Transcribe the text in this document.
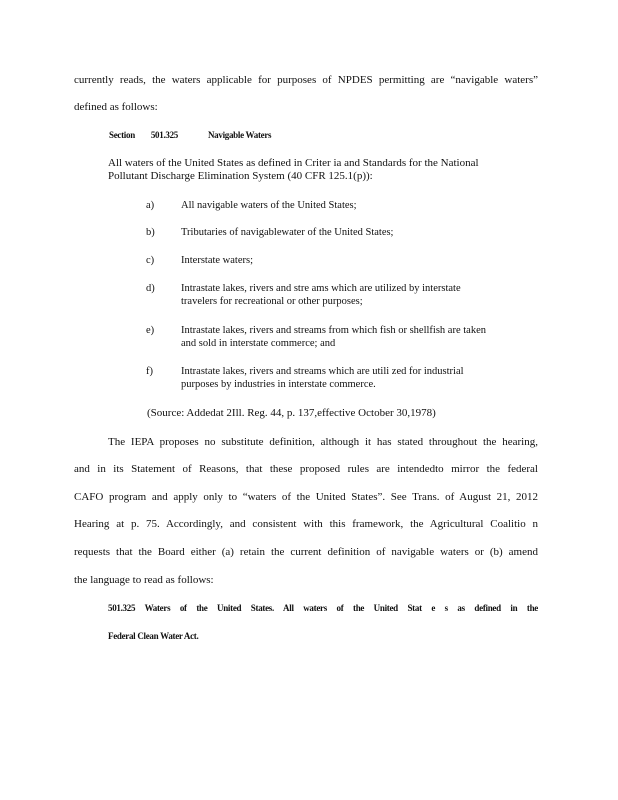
currently reads, the waters applicable for purposes of NPDES permitting are “navigable waters”
defined as follows:
Section 501.325	Navigable Waters
All waters of the United States as defined in Criter ia and Standards for the National
Pollutant Discharge Elimination System (40 CFR 125.1(p)):
a)	All navigable waters of the United States;
b)	Tributaries of navigablewater of the United States;
c)	Interstate waters;
d)	Intrastate lakes, rivers and stre ams which are utilized by interstate
travelers for recreational or other purposes;
e)	Intrastate lakes, rivers and streams from which fish or shellfish are taken
and sold in interstate commerce; and
f)	Intrastate lakes, rivers and streams which are utili zed for industrial
purposes by industries in interstate commerce.
(Source: Addedat 2Ill. Reg. 44, p. 137,effective October 30,1978)
The IEPA proposes no substitute definition, although it has stated throughout the hearing,
and in its Statement of Reasons, that these proposed rules are intendedto mirror the federal
CAFO program and apply only to “waters of the United States”. See Trans. of August 21, 2012
Hearing at p. 75. Accordingly, and consistent with this framework, the Agricultural Coalitio n
requests that the Board either (a) retain the current definition of navigable waters or (b) amend
the language to read as follows:
501.325 Waters of the United States. All waters of the United Stat e s as defined in the
Federal Clean Water Act.
